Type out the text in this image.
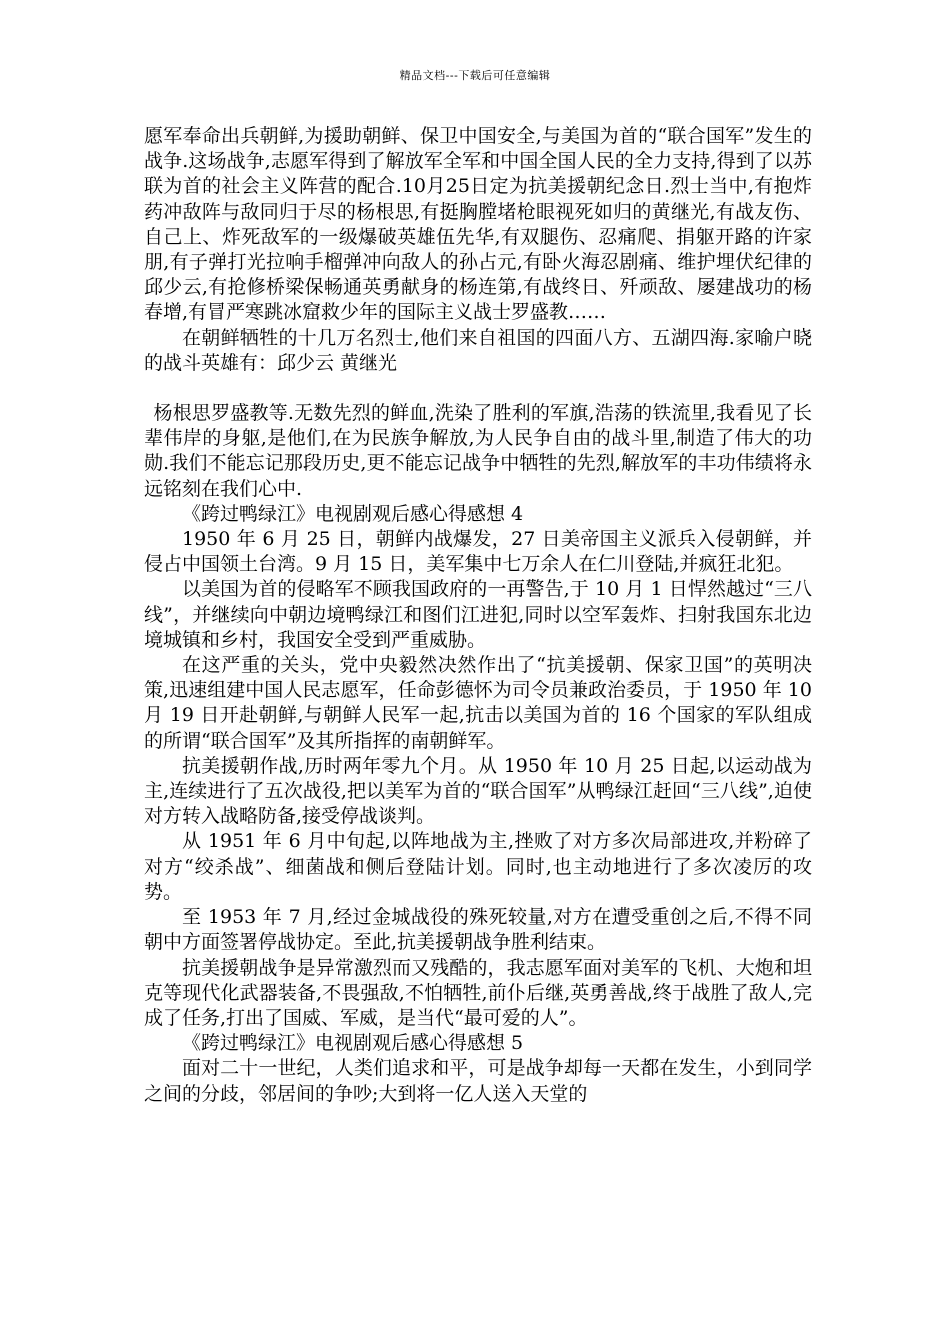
精品文档---下载后可任意编辑

愿军奉命出兵朝鲜,为援助朝鲜、保卫中国安全,与美国为首的“联合国军”发生的战争.这场战争,志愿军得到了解放军全军和中国全国人民的全力支持,得到了以苏联为首的社会主义阵营的配合.10月25日定为抗美援朝纪念日.烈士当中,有抱炸药冲敌阵与敌同归于尽的杨根思,有挺胸膛堵枪眼视死如归的黄继光,有战友伤、自己上、炸死敌军的一级爆破英雄伍先华,有双腿伤、忍痛爬、捐躯开路的许家朋,有子弹打光拉响手榴弹冲向敌人的孙占元,有卧火海忍剧痛、维护埋伏纪律的邱少云,有抢修桥梁保畅通英勇献身的杨连第,有战终日、歼顽敌、屡建战功的杨春增,有冒严寒跳冰窟救少年的国际主义战士罗盛教……

在朝鲜牺牲的十几万名烈士,他们来自祖国的四面八方、五湖四海.家喻户晓的战斗英雄有：邱少云 黄继光

杨根思罗盛教等.无数先烈的鲜血,洗染了胜利的军旗,浩荡的铁流里,我看见了长辈伟岸的身躯,是他们,在为民族争解放,为人民争自由的战斗里,制造了伟大的功勋.我们不能忘记那段历史,更不能忘记战争中牺牲的先烈,解放军的丰功伟绩将永远铭刻在我们心中.

《跨过鸭绿江》电视剧观后感心得感想 4

1950 年 6 月 25 日，朝鲜内战爆发，27 日美帝国主义派兵入侵朝鲜，并侵占中国领土台湾。9 月 15 日，美军集中七万余人在仁川登陆,并疯狂北犯。

以美国为首的侵略军不顾我国政府的一再警告,于 10 月 1 日悍然越过“三八线”，并继续向中朝边境鸭绿江和图们江进犯,同时以空军轰炸、扫射我国东北边境城镇和乡村，我国安全受到严重威胁。

在这严重的关头，党中央毅然决然作出了“抗美援朝、保家卫国”的英明决策,迅速组建中国人民志愿军，任命彭德怀为司令员兼政治委员，于 1950 年 10 月 19 日开赴朝鲜,与朝鲜人民军一起,抗击以美国为首的 16 个国家的军队组成的所谓“联合国军”及其所指挥的南朝鲜军。

抗美援朝作战,历时两年零九个月。从 1950 年 10 月 25 日起,以运动战为主,连续进行了五次战役,把以美军为首的“联合国军”从鸭绿江赶回“三八线”,迫使对方转入战略防备,接受停战谈判。

从 1951 年 6 月中旬起,以阵地战为主,挫败了对方多次局部进攻,并粉碎了对方“绞杀战”、细菌战和侧后登陆计划。同时,也主动地进行了多次凌厉的攻势。

至 1953 年 7 月,经过金城战役的殊死较量,对方在遭受重创之后,不得不同朝中方面签署停战协定。至此,抗美援朝战争胜利结束。

抗美援朝战争是异常激烈而又残酷的，我志愿军面对美军的飞机、大炮和坦克等现代化武器装备,不畏强敌,不怕牺牲,前仆后继,英勇善战,终于战胜了敌人,完成了任务,打出了国威、军威，是当代“最可爱的人”。

《跨过鸭绿江》电视剧观后感心得感想 5

面对二十一世纪，人类们追求和平，可是战争却每一天都在发生，小到同学之间的分歧，邻居间的争吵;大到将一亿人送入天堂的
